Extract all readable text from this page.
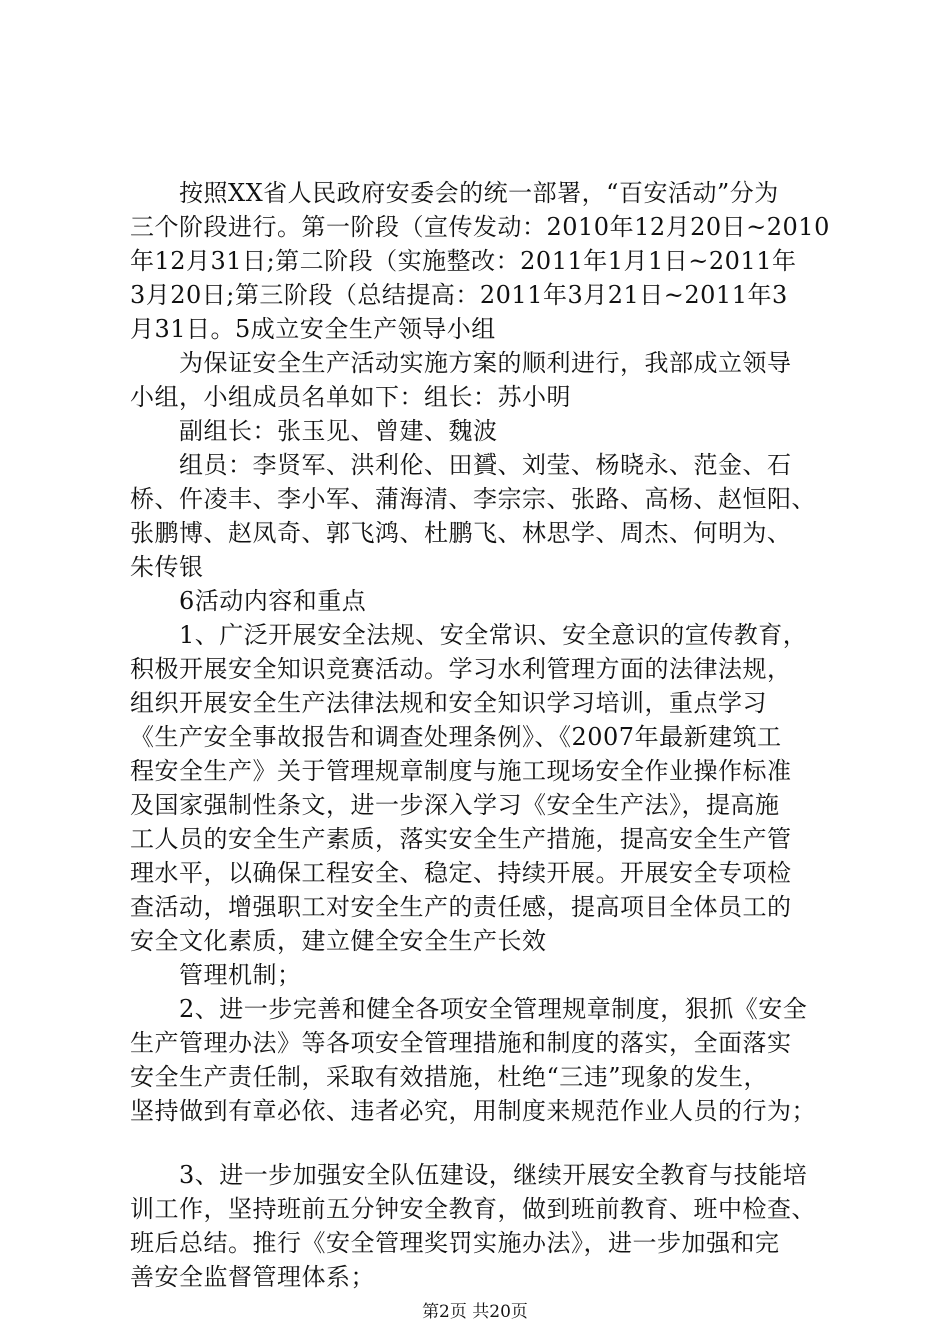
　　按照XX省人民政府安委会的统一部署，“百安活动”分为
三个阶段进行。第一阶段（宣传发动：2010年12月20日~2010
年12月31日;第二阶段（实施整改：2011年1月1日~2011年
3月20日;第三阶段（总结提高：2011年3月21日~2011年3
月31日。5成立安全生产领导小组
　　为保证安全生产活动实施方案的顺利进行，我部成立领导
小组，小组成员名单如下：组长：苏小明
　　副组长：张玉见、曾建、魏波
　　组员：李贤军、洪利伦、田贇、刘莹、杨晓永、范金、石
桥、仵凌丰、李小军、蒲海清、李宗宗、张路、高杨、赵恒阳、
张鹏博、赵凤奇、郭飞鸿、杜鹏飞、林思学、周杰、何明为、
朱传银
　　6活动内容和重点
　　1、广泛开展安全法规、安全常识、安全意识的宣传教育，
积极开展安全知识竞赛活动。学习水利管理方面的法律法规，
组织开展安全生产法律法规和安全知识学习培训，重点学习
《生产安全事故报告和调查处理条例》、《2007年最新建筑工
程安全生产》关于管理规章制度与施工现场安全作业操作标准
及国家强制性条文，进一步深入学习《安全生产法》，提高施
工人员的安全生产素质，落实安全生产措施，提高安全生产管
理水平，以确保工程安全、稳定、持续开展。开展安全专项检
查活动，增强职工对安全生产的责任感，提高项目全体员工的
安全文化素质，建立健全安全生产长效
　　管理机制；
　　2、进一步完善和健全各项安全管理规章制度，狠抓《安全
生产管理办法》等各项安全管理措施和制度的落实，全面落实
安全生产责任制，采取有效措施，杜绝“三违”现象的发生，
坚持做到有章必依、违者必究，用制度来规范作业人员的行为；
　　3、进一步加强安全队伍建设，继续开展安全教育与技能培
训工作，坚持班前五分钟安全教育，做到班前教育、班中检查、
班后总结。推行《安全管理奖罚实施办法》，进一步加强和完
善安全监督管理体系；
第2页 共20页
